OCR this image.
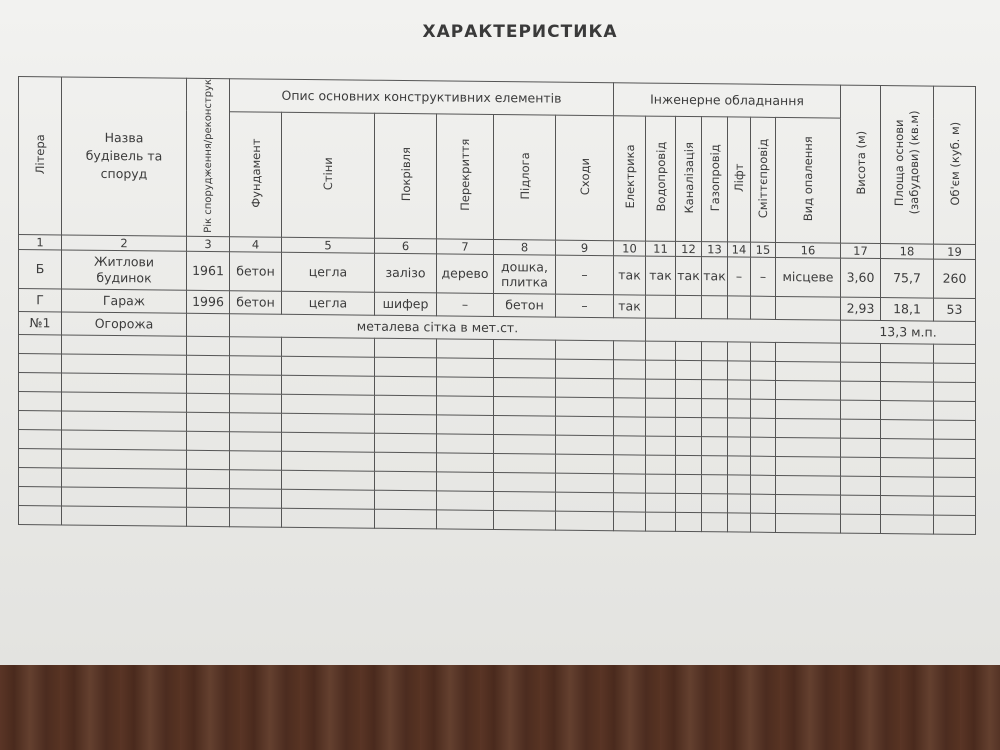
ХАРАКТЕРИСТИКА
Літера	Назва будівель та споруд	Рік спорудження/реконструк	Опис основних конструктивних елементів						Інженерне обладнання							Висота (м)	Площа основи (забудови) (кв.м)	Об'єм (куб. м)
			Фундамент	Стіни	Покрівля	Перекриття	Підлога	Сходи	Електрика	Водопровід	Каналізація	Газопровід	Ліфт	Сміттєпровід	Вид опалення			
1	2	3	4	5	6	7	8	9	10	11	12	13	14	15	16	17	18	19
Б	Житлови будинок	1961	бетон	цегла	залізо	дерево	дошка, плитка	–	так	так	так	так	–	–	місцеве	3,60	75,7	260
Г	Гараж	1996	бетон	цегла	шифер	–	бетон	–	так							2,93	18,1	53
№1	Огорожа		металева сітка в мет.ст.													13,3 м.п.		
